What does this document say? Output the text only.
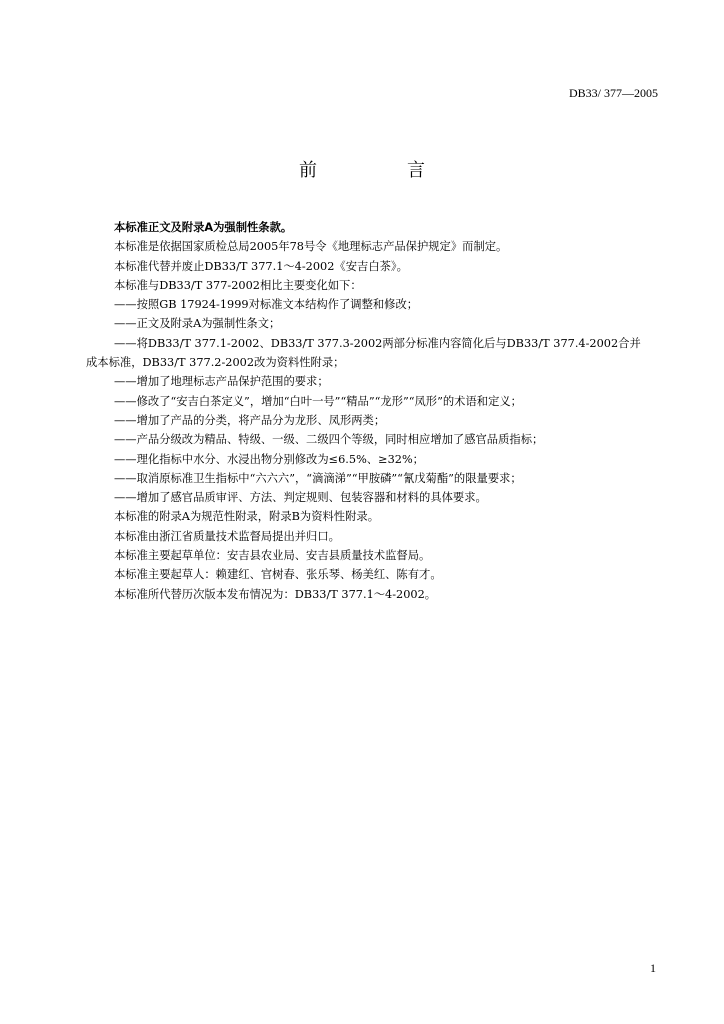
DB33/ 377—2005
前　言
本标准正文及附录A为强制性条款。
本标准是依据国家质检总局2005年78号令《地理标志产品保护规定》而制定。
本标准代替并废止DB33/T 377.1～4-2002《安吉白茶》。
本标准与DB33/T 377-2002相比主要变化如下：
——按照GB 17924-1999对标准文本结构作了调整和修改；
——正文及附录A为强制性条文；
——将DB33/T 377.1-2002、DB33/T 377.3-2002两部分标准内容简化后与DB33/T 377.4-2002合并
成本标准，DB33/T 377.2-2002改为资料性附录；
——增加了地理标志产品保护范围的要求；
——修改了“安吉白茶定义”，增加“白叶一号”“精品”“龙形”“凤形”的术语和定义；
——增加了产品的分类，将产品分为龙形、凤形两类；
——产品分级改为精品、特级、一级、二级四个等级，同时相应增加了感官品质指标；
——理化指标中水分、水浸出物分别修改为≤6.5%、≥32%；
——取消原标准卫生指标中“六六六”，“滴滴涕”“甲胺磷”“氰戊菊酯”的限量要求；
——增加了感官品质审评、方法、判定规则、包装容器和材料的具体要求。
本标准的附录A为规范性附录，附录B为资料性附录。
本标准由浙江省质量技术监督局提出并归口。
本标准主要起草单位：安吉县农业局、安吉县质量技术监督局。
本标准主要起草人：赖建红、官树春、张乐琴、杨美红、陈有才。
本标准所代替历次版本发布情况为：DB33/T 377.1～4-2002。
1
